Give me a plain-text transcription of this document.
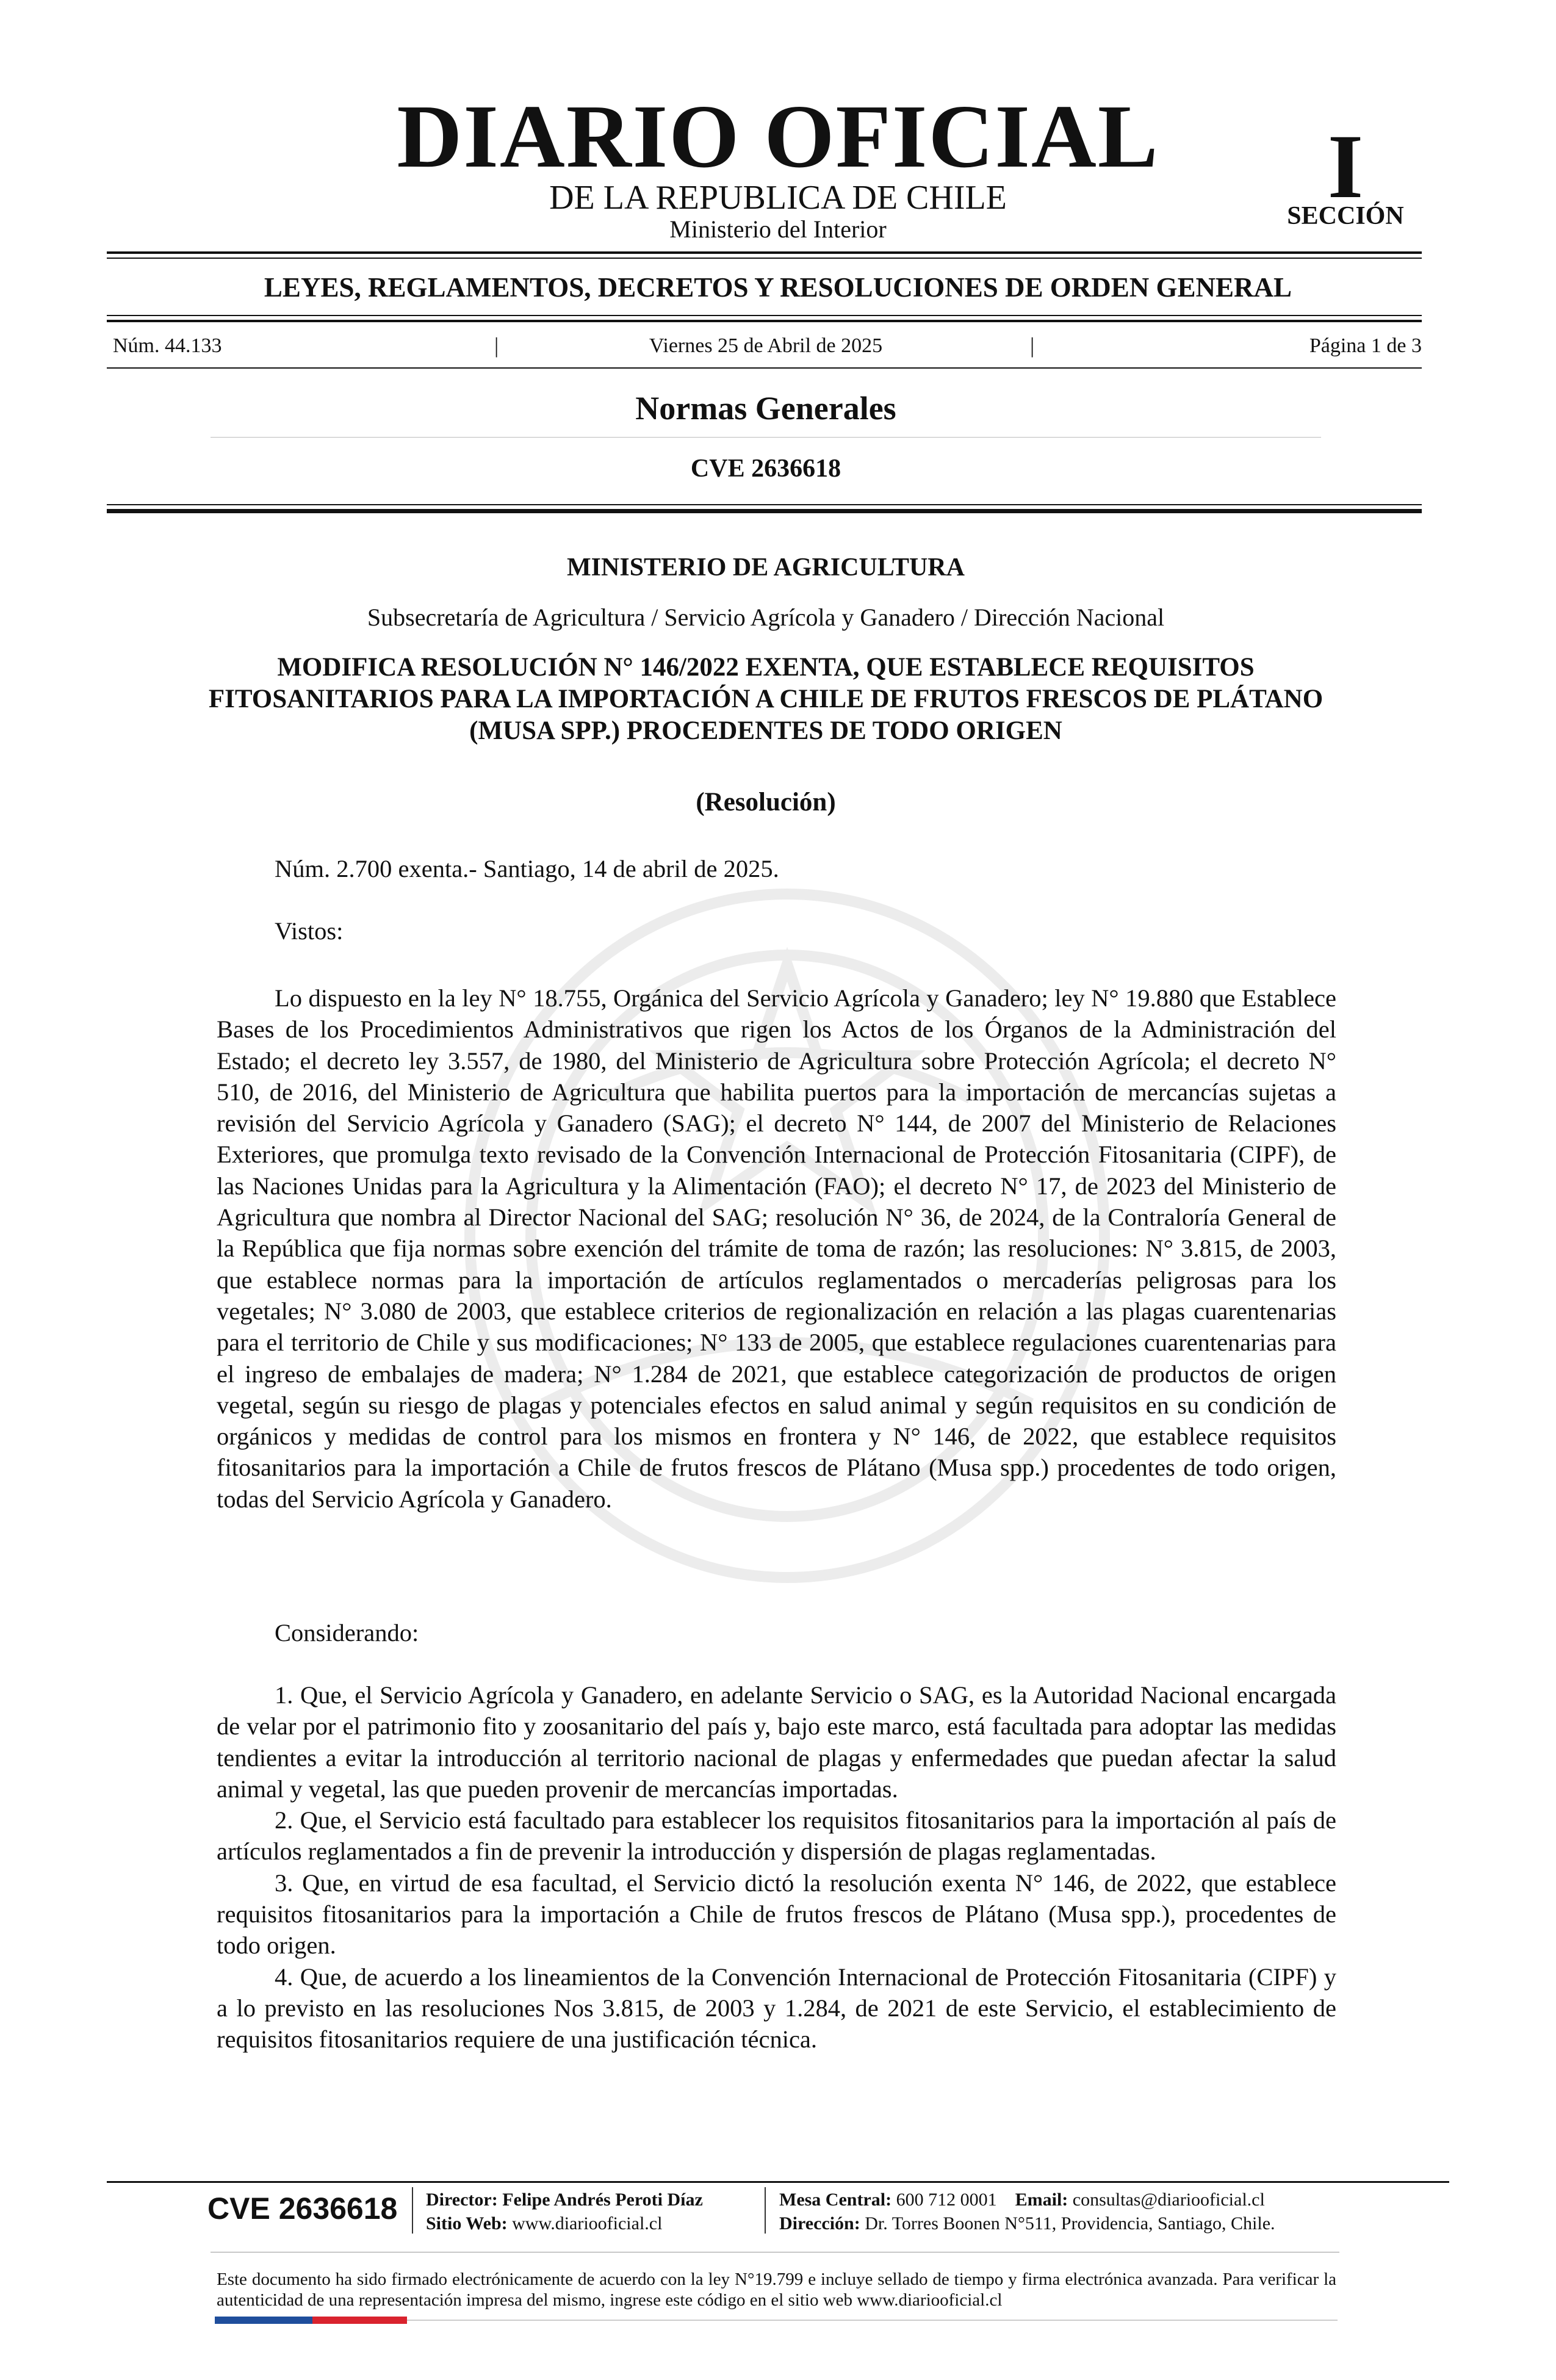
DIARIO OFICIAL
DE LA REPUBLICA DE CHILE
Ministerio del Interior
I
SECCIÓN
LEYES, REGLAMENTOS, DECRETOS Y RESOLUCIONES DE ORDEN GENERAL
Núm. 44.133	|	Viernes 25 de Abril de 2025	|	Página 1 de 3
Normas Generales
CVE 2636618
MINISTERIO DE AGRICULTURA
Subsecretaría de Agricultura / Servicio Agrícola y Ganadero / Dirección Nacional
MODIFICA RESOLUCIÓN N° 146/2022 EXENTA, QUE ESTABLECE REQUISITOS FITOSANITARIOS PARA LA IMPORTACIÓN A CHILE DE FRUTOS FRESCOS DE PLÁTANO (MUSA SPP.) PROCEDENTES DE TODO ORIGEN
(Resolución)
Núm. 2.700 exenta.- Santiago, 14 de abril de 2025.
Vistos:
Lo dispuesto en la ley N° 18.755, Orgánica del Servicio Agrícola y Ganadero; ley N° 19.880 que Establece Bases de los Procedimientos Administrativos que rigen los Actos de los Órganos de la Administración del Estado; el decreto ley 3.557, de 1980, del Ministerio de Agricultura sobre Protección Agrícola; el decreto N° 510, de 2016, del Ministerio de Agricultura que habilita puertos para la importación de mercancías sujetas a revisión del Servicio Agrícola y Ganadero (SAG); el decreto N° 144, de 2007 del Ministerio de Relaciones Exteriores, que promulga texto revisado de la Convención Internacional de Protección Fitosanitaria (CIPF), de las Naciones Unidas para la Agricultura y la Alimentación (FAO); el decreto N° 17, de 2023 del Ministerio de Agricultura que nombra al Director Nacional del SAG; resolución N° 36, de 2024, de la Contraloría General de la República que fija normas sobre exención del trámite de toma de razón; las resoluciones: N° 3.815, de 2003, que establece normas para la importación de artículos reglamentados o mercaderías peligrosas para los vegetales; N° 3.080 de 2003, que establece criterios de regionalización en relación a las plagas cuarentenarias para el territorio de Chile y sus modificaciones; N° 133 de 2005, que establece regulaciones cuarentenarias para el ingreso de embalajes de madera; N° 1.284 de 2021, que establece categorización de productos de origen vegetal, según su riesgo de plagas y potenciales efectos en salud animal y según requisitos en su condición de orgánicos y medidas de control para los mismos en frontera y N° 146, de 2022, que establece requisitos fitosanitarios para la importación a Chile de frutos frescos de Plátano (Musa spp.) procedentes de todo origen, todas del Servicio Agrícola y Ganadero.
Considerando:

1. Que, el Servicio Agrícola y Ganadero, en adelante Servicio o SAG, es la Autoridad Nacional encargada de velar por el patrimonio fito y zoosanitario del país y, bajo este marco, está facultada para adoptar las medidas tendientes a evitar la introducción al territorio nacional de plagas y enfermedades que puedan afectar la salud animal y vegetal, las que pueden provenir de mercancías importadas.

2. Que, el Servicio está facultado para establecer los requisitos fitosanitarios para la importación al país de artículos reglamentados a fin de prevenir la introducción y dispersión de plagas reglamentadas.

3. Que, en virtud de esa facultad, el Servicio dictó la resolución exenta N° 146, de 2022, que establece requisitos fitosanitarios para la importación a Chile de frutos frescos de Plátano (Musa spp.), procedentes de todo origen.

4. Que, de acuerdo a los lineamientos de la Convención Internacional de Protección Fitosanitaria (CIPF) y a lo previsto en las resoluciones Nos 3.815, de 2003 y 1.284, de 2021 de este Servicio, el establecimiento de requisitos fitosanitarios requiere de una justificación técnica.

CVE 2636618 Director: Felipe Andrés Peroti Díaz
Sitio Web: www.diariooficial.cl
Mesa Central: 600 712 0001 Email: consultas@diariooficial.cl
Dirección: Dr. Torres Boonen N°511, Providencia, Santiago, Chile.
Este documento ha sido firmado electrónicamente de acuerdo con la ley N°19.799 e incluye sellado de tiempo y firma electrónica avanzada. Para verificar la autenticidad de una representación impresa del mismo, ingrese este código en el sitio web www.diariooficial.cl
